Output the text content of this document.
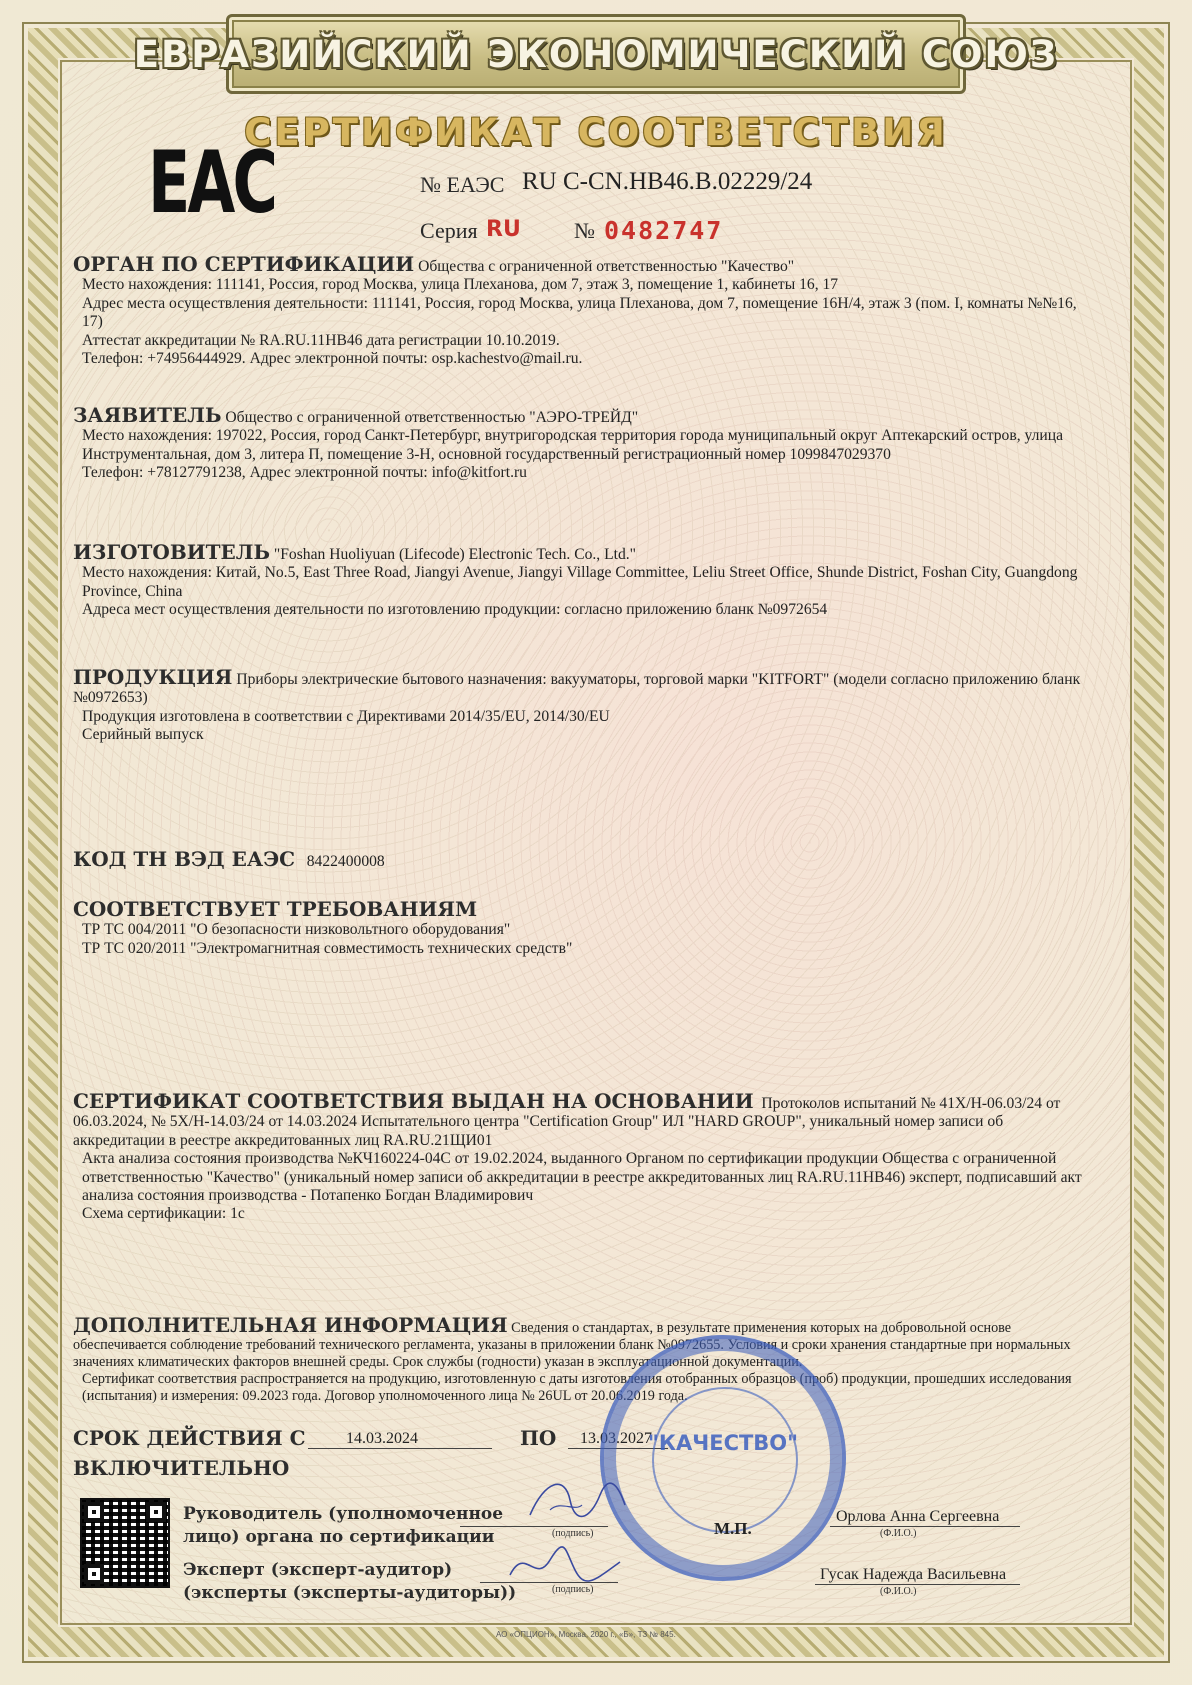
ЕВРАЗИЙСКИЙ ЭКОНОМИЧЕСКИЙ СОЮЗ
СЕРТИФИКАТ СООТВЕТСТВИЯ
ЕАС	№ ЕАЭС RU С-CN.НВ46.В.02229/24
Серия RU № 0482747

ОРГАН ПО СЕРТИФИКАЦИИ Общества с ограниченной ответственностью "Качество"

Место нахождения: 111141, Россия, город Москва, улица Плеханова, дом 7, этаж 3, помещение 1, кабинеты 16, 17

Адрес места осуществления деятельности: 111141, Россия, город Москва, улица Плеханова, дом 7, помещение 16Н/4, этаж 3 (пом. I, комнаты №№16, 17)

Аттестат аккредитации № RA.RU.11НВ46 дата регистрации 10.10.2019.

Телефон: +74956444929. Адрес электронной почты: osp.kachestvo@mail.ru.

ЗАЯВИТЕЛЬ Общество с ограниченной ответственностью "АЭРО-ТРЕЙД"

Место нахождения: 197022, Россия, город Санкт-Петербург, внутригородская территория города муниципальный округ Аптекарский остров, улица Инструментальная, дом 3, литера П, помещение 3-Н, основной государственный регистрационный номер 1099847029370

Телефон: +78127791238, Адрес электронной почты: info@kitfort.ru

ИЗГОТОВИТЕЛЬ "Foshan Huoliyuan (Lifecode) Electronic Tech. Co., Ltd."

Место нахождения: Китай, No.5, East Three Road, Jiangyi Avenue, Jiangyi Village Committee, Leliu Street Office, Shunde District, Foshan City, Guangdong Province, China

Адреса мест осуществления деятельности по изготовлению продукции: согласно приложению бланк №0972654

ПРОДУКЦИЯ Приборы электрические бытового назначения: вакууматоры, торговой марки "KITFORT" (модели согласно приложению бланк №0972653)

Продукция изготовлена в соответствии с Директивами 2014/35/EU, 2014/30/EU

Серийный выпуск

КОД ТН ВЭД ЕАЭС 8422400008

СООТВЕТСТВУЕТ ТРЕБОВАНИЯМ

ТР ТС 004/2011 "О безопасности низковольтного оборудования"

ТР ТС 020/2011 "Электромагнитная совместимость технических средств"

СЕРТИФИКАТ СООТВЕТСТВИЯ ВЫДАН НА ОСНОВАНИИ Протоколов испытаний № 41Х/Н-06.03/24 от 06.03.2024, № 5Х/Н-14.03/24 от 14.03.2024 Испытательного центра "Certification Group" ИЛ "HARD GROUP", уникальный номер записи об аккредитации в реестре аккредитованных лиц RA.RU.21ЩИ01

Акта анализа состояния производства №КЧ160224-04С от 19.02.2024, выданного Органом по сертификации продукции Общества с ограниченной ответственностью "Качество" (уникальный номер записи об аккредитации в реестре аккредитованных лиц RA.RU.11НВ46) эксперт, подписавший акт анализа состояния производства - Потапенко Богдан Владимирович

Схема сертификации: 1с

ДОПОЛНИТЕЛЬНАЯ ИНФОРМАЦИЯ Сведения о стандартах, в результате применения которых на добровольной основе обеспечивается соблюдение требований технического регламента, указаны в приложении бланк №0972655. Условия и сроки хранения стандартные при нормальных значениях климатических факторов внешней среды. Срок службы (годности) указан в эксплуатационной документации.

Сертификат соответствия распространяется на продукцию, изготовленную с даты изготовления отобранных образцов (проб) продукции, прошедших исследования (испытания) и измерения: 09.2023 года. Договор уполномоченного лица № 26UL от 20.06.2019 года.

СРОК ДЕЙСТВИЯ С	14.03.2024	ПО 13.03.2027
ВКЛЮЧИТЕЛЬНО
"КАЧЕСТВО"
Руководитель (уполномоченное
лицо) органа по сертификации	(подпись)	М.П.
Орлова Анна Сергеевна
(Ф.И.О.)
Эксперт (эксперт-аудитор)
(эксперты (эксперты-аудиторы))	(подпись)
Гусак Надежда Васильевна
(Ф.И.О.)
АО «ОПЦИОН», Москва, 2020 г., «Б», ТЗ № 845.
